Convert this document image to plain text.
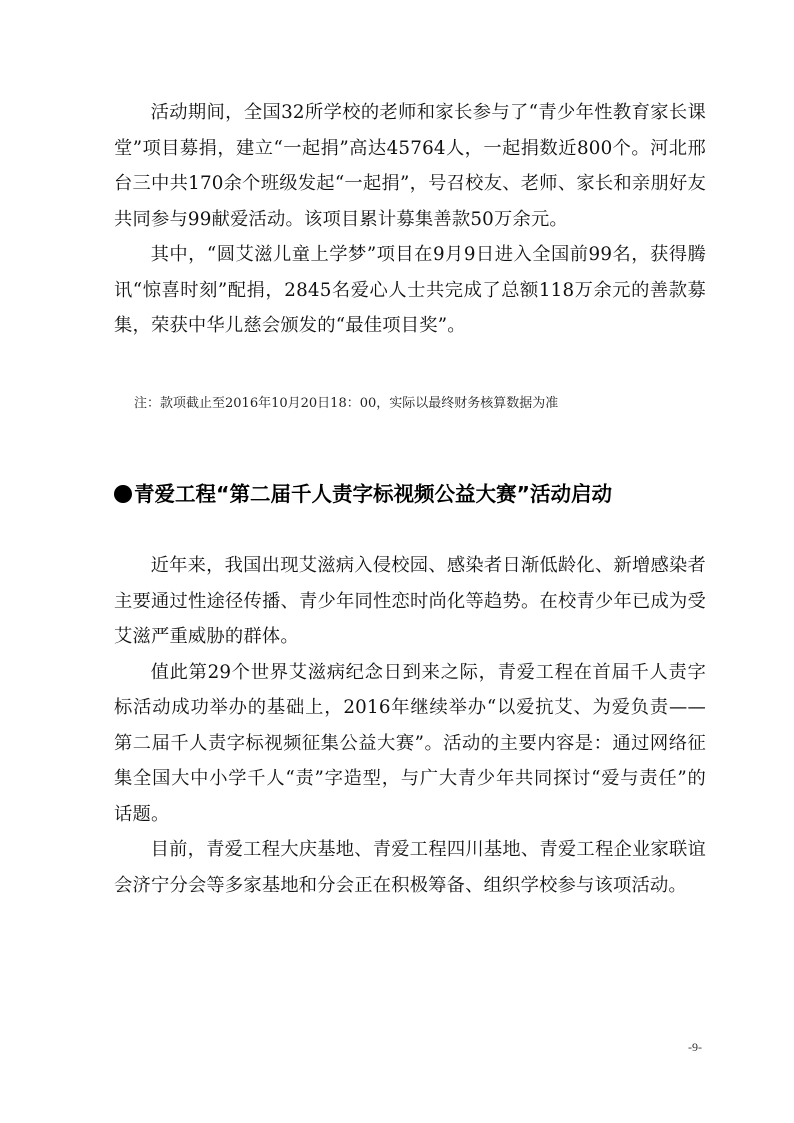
活动期间，全国32所学校的老师和家长参与了“青少年性教育家长课堂”项目募捐，建立“一起捐”高达45764人，一起捐数近800个。河北邢台三中共170余个班级发起“一起捐”，号召校友、老师、家长和亲朋好友共同参与99献爱活动。该项目累计募集善款50万余元。

其中，“圆艾滋儿童上学梦”项目在9月9日进入全国前99名，获得腾讯“惊喜时刻”配捐，2845名爱心人士共完成了总额118万余元的善款募集，荣获中华儿慈会颁发的“最佳项目奖”。

注：款项截止至2016年10月20日18：00，实际以最终财务核算数据为准

青爱工程“第二届千人责字标视频公益大赛”活动启动

近年来，我国出现艾滋病入侵校园、感染者日渐低龄化、新增感染者主要通过性途径传播、青少年同性恋时尚化等趋势。在校青少年已成为受艾滋严重威胁的群体。

值此第29个世界艾滋病纪念日到来之际，青爱工程在首届千人责字标活动成功举办的基础上，2016年继续举办“以爱抗艾、为爱负责——第二届千人责字标视频征集公益大赛”。活动的主要内容是：通过网络征集全国大中小学千人“责”字造型，与广大青少年共同探讨“爱与责任”的话题。

目前，青爱工程大庆基地、青爱工程四川基地、青爱工程企业家联谊会济宁分会等多家基地和分会正在积极筹备、组织学校参与该项活动。

-9-
